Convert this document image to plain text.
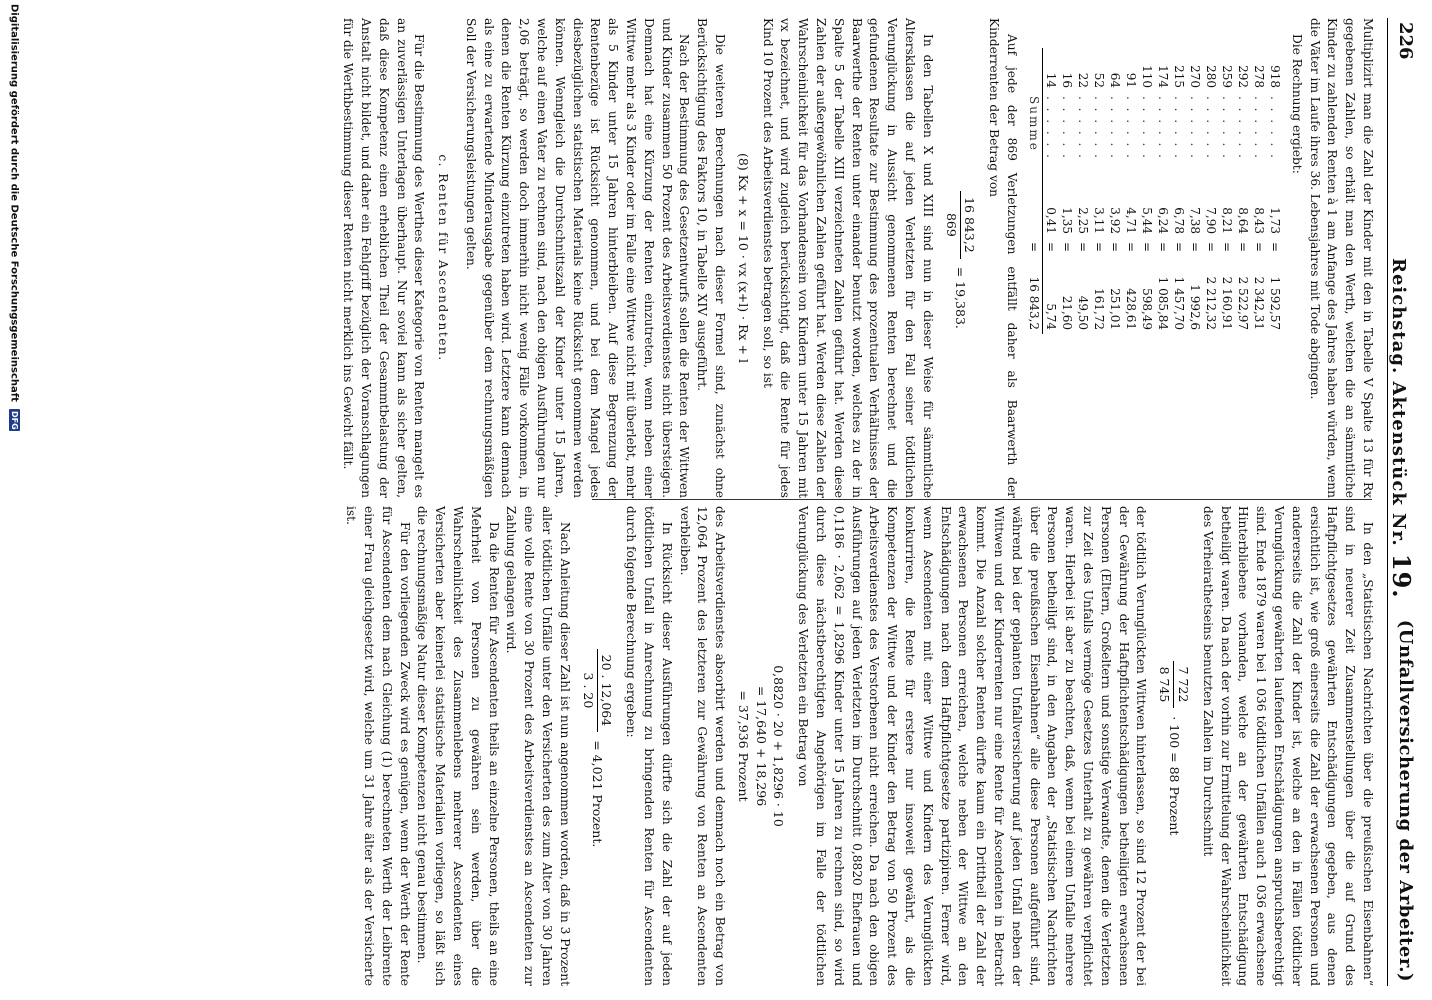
226
Reichstag. Aktenstück Nr. 19.
(Unfallversicherung der Arbeiter.)

Multiplizirt man die Zahl der Kinder mit den in Tabelle V Spalte 13 für Rx gegebenen Zahlen, so erhält man den Werth, welchen die an sämmtliche Kinder zu zahlenden Renten à 1 am Anfange des Jahres haben würden, wenn die Väter im Laufe ihres 36. Lebensjahres mit Tode abgingen.

Die Rechnung ergiebt:

918	. . . . . .	1,73	=	1 592,57
278	. . . . . .	8,43	=	2 342,31
292	. . . . . .	8,64	=	2 522,97
259	. . . . . .	8,21	=	2 160,91
280	. . . . . .	7,90	=	2 212,32
270	. . . . . .	7,38	=	1 992,6
215	. . . . . .	6,78	=	1 457,70
174	. . . . . .	6,24	=	1 085,84
110	. . . . . .	5,44	=	598,49
91	. . . . . .	4,71	=	428,61
64	. . . . . .	3,92	=	251,01
52	. . . . . .	3,11	=	161,72
22	. . . . . .	2,25	=	49,50
16	. . . . . .	1,35	=	21,60
14	. . . . . .	0,41	=	5,74
	Summe		=	16 843,2

Auf jede der 869 Verletzungen entfällt daher als Baarwerth der Kinderrenten der Betrag von

16 843,2
869
= 19,383.

In den Tabellen X und XIII sind nun in dieser Weise für sämmtliche Altersklassen die auf jeden Verletzten für den Fall seiner tödtlichen Verunglückung in Aussicht genommenen Renten berechnet und die gefundenen Resultate zur Bestimmung des prozentualen Verhältnisses der Baarwerthe der Renten unter einander benutzt worden, welches zu der in Spalte 5 der Tabelle XIII verzeichneten Zahlen geführt hat. Werden diese Zahlen der außergewöhnlichen Zahlen geführt hat. Werden diese Zahlen der Wahrscheinlichkeit für das Vorhandensein von Kindern unter 15 Jahren mit vx bezeichnet, und wird zugleich berücksichtigt, daß die Rente für jedes Kind 10 Prozent des Arbeitsverdienstes betragen soll, so ist

(8) Kx + x = 10 · vx (x+l) · Rx + l

Die weiteren Berechnungen nach dieser Formel sind, zunächst ohne Berücksichtigung des Faktors 10, in Tabelle XIV ausgeführt.

Nach der Bestimmung des Gesetzentwurfs sollen die Renten der Wittwen und Kinder zusammen 50 Prozent des Arbeitsverdienstes nicht übersteigen. Demnach hat eine Kürzung der Renten einzutreten, wenn neben einer Wittwe mehr als 3 Kinder oder im Falle eine Wittwe nicht mit überlebt, mehr als 5 Kinder unter 15 Jahren hinterbleiben. Auf diese Begrenzung der Rentenbezüge ist Rücksicht genommen, und bei dem Mangel jedes diesbezüglichen statistischen Materials keine Rücksicht genommen werden können. Wenngleich die Durchschnittszahl der Kinder unter 15 Jahren, welche auf einen Vater zu rechnen sind, nach den obigen Ausführungen nur 2,06 beträgt, so werden doch immerhin nicht wenig Fälle vorkommen, in denen die Renten Kürzung einzutreten haben wird. Letztere kann demnach als eine zu erwartende Minderausgabe gegenüber dem rechnungsmäßigen Soll der Versicherungsleistungen gelten.

c. Renten für Ascendenten.

Für die Bestimmung des Werthes dieser Kategorie von Renten mangelt es an zuverlässigen Unterlagen überhaupt. Nur soviel kann als sicher gelten, daß diese Kompetenz einen erheblichen Theil der Gesammtbelastung der Anstalt nicht bildet, und daher ein Fehlgriff bezüglich der Voranschlagungen für die Werthbestimmung dieser Renten nicht merklich ins Gewicht fällt.

In den „Statistischen Nachrichten über die preußischen Eisenbahnen“ sind in neuerer Zeit Zusammenstellungen über die auf Grund des Haftpflichtgesetzes gewährten Entschädigungen gegeben, aus denen ersichtlich ist, wie groß einerseits die Zahl der erwachsenen Personen und andererseits die Zahl der Kinder ist, welche an den in Fällen tödtlicher Verunglückung gewährten laufenden Entschädigungen anspruchsberechtigt sind. Ende 1879 waren bei 1 036 tödtlichen Unfällen auch 1 036 erwachsene Hinterbliebene vorhanden, welche an der gewährten Entschädigung betheiligt waren. Da nach der vorhin zur Ermittelung der Wahrscheinlichkeit des Verheirathetseins benutzten Zahlen im Durchschnitt

7 722
8 745
· 100 = 88 Prozent

der tödtlich Verunglückten Wittwen hinterlassen, so sind 12 Prozent der bei der Gewährung der Haftpflichtentschädigungen betheiligten erwachsenen Personen (Eltern, Großeltern und sonstige Verwandte, denen die Verletzten zur Zeit des Unfalls vermöge Gesetzes Unterhalt zu gewähren verpflichtet waren. Hierbei ist aber zu beachten, daß, wenn bei einem Unfalle mehrere Personen betheiligt sind, in den Angaben der „Statistischen Nachrichten über die preußischen Eisenbahnen“ alle diese Personen aufgeführt sind, während bei der geplanten Unfallversicherung auf jeden Unfall neben der Wittwen und der Kinderrenten nur eine Rente für Ascendenten in Betracht kommt. Die Anzahl solcher Renten dürfte kaum ein Drittheil der Zahl der erwachsenen Personen erreichen, welche neben der Wittwe an den Entschädigungen nach dem Haftpflichtgesetze partizipiren. Ferner wird, wenn Ascendenten mit einer Wittwe und Kindern des Verunglückten konkurriren, die Rente für erstere nur insoweit gewährt, als die Kompetenzen der Wittwe und der Kinder den Betrag von 50 Prozent des Arbeitsverdienstes des Verstorbenen nicht erreichen. Da nach den obigen Ausführungen auf jeden Verletzten im Durchschnitt 0,8820 Ehefrauen und 0,1186 · 2,062 = 1,8296 Kinder unter 15 Jahren zu rechnen sind, so wird durch diese nächstberechtigten Angehörigen im Falle der tödtlichen Verunglückung des Verletzten ein Betrag von

0,8820 · 20 + 1,8296 · 10
= 17,640 + 18,296
= 37,936 Prozent

des Arbeitsverdienstes absorbirt werden und demnach noch ein Betrag von 12,064 Prozent des letzteren zur Gewährung von Renten an Ascendenten verbleiben.

In Rücksicht dieser Ausführungen dürfte sich die Zahl der auf jeden tödtlichen Unfall in Anrechnung zu bringenden Renten für Ascendenten durch folgende Berechnung ergeben:

20 . 12,064
3 . 20
= 4,021 Prozent.

Nach Anleitung dieser Zahl ist nun angenommen worden, daß in 3 Prozent aller tödtlichen Unfälle unter den Versicherten des zum Alter von 30 Jahren eine volle Rente von 30 Prozent des Arbeitsverdienstes an Ascendenten zur Zahlung gelangen wird.

Da die Renten für Ascendenten theils an einzelne Personen, theils an eine Mehrheit von Personen zu gewähren sein werden, über die Wahrscheinlichkeit des Zusammenlebens mehrerer Ascendenten eines Versicherten aber keinerlei statistische Materialien vorliegen, so läßt sich die rechnungsmäßige Natur dieser Kompetenzen nicht genau bestimmen.

Für den vorliegenden Zweck wird es genügen, wenn der Werth der Rente für Ascendenten dem nach Gleichung (1) berechneten Werth der Leibrente einer Frau gleichgesetzt wird, welche um 31 Jahre älter als der Versicherte ist.

Digitalisierung gefördert durch die Deutsche Forschungsgemeinschaft DFG
